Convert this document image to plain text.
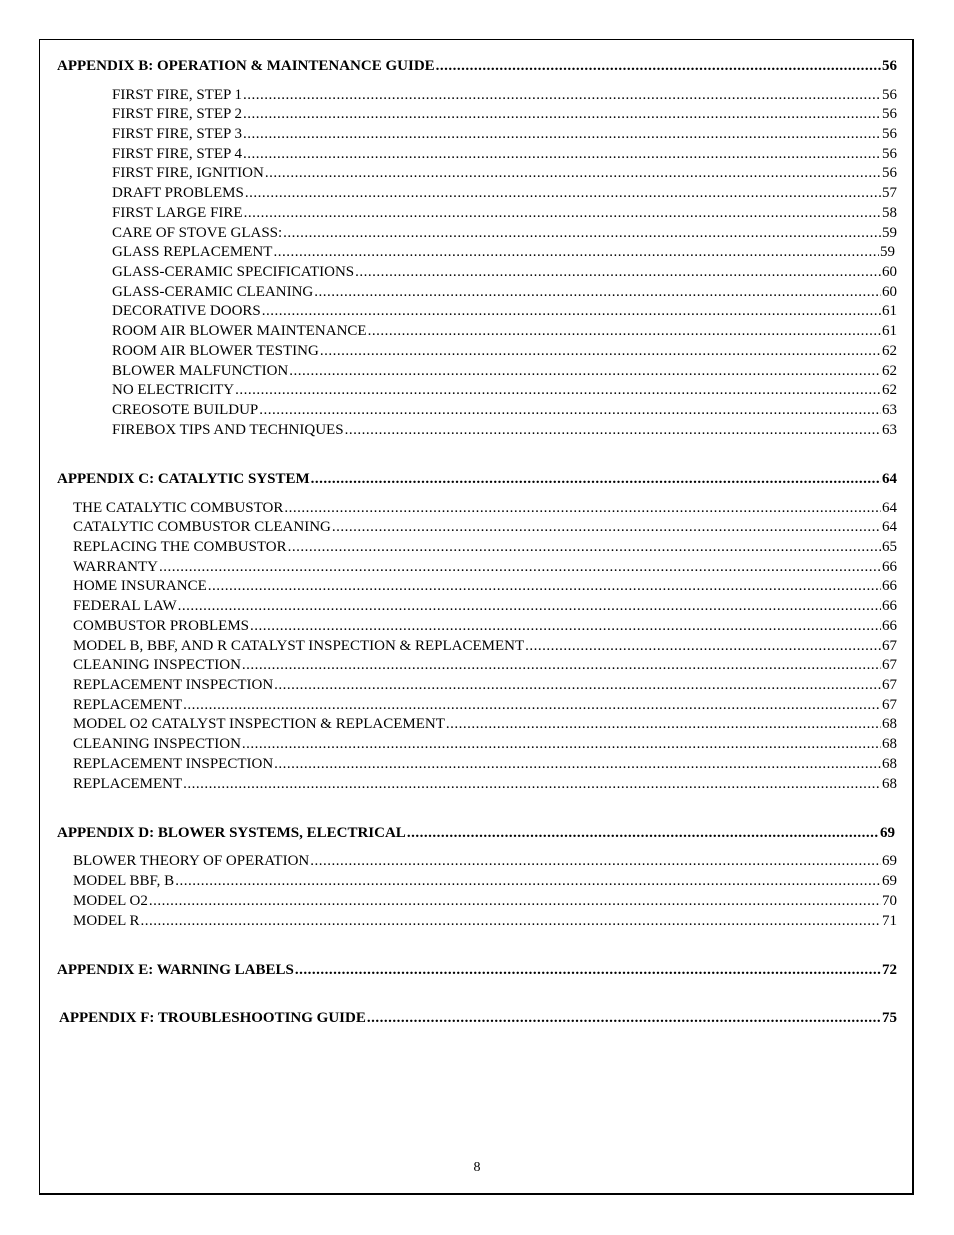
APPENDIX B: OPERATION & MAINTENANCE GUIDE .....	56
FIRST FIRE, STEP 1 .....	56
FIRST FIRE, STEP 2 .....	56
FIRST FIRE, STEP 3 .....	56
FIRST FIRE, STEP 4 .....	56
FIRST FIRE, IGNITION .....	56
DRAFT PROBLEMS .....	57
FIRST LARGE FIRE .....	58
CARE OF STOVE GLASS: .....	59
GLASS REPLACEMENT .....	59
GLASS-CERAMIC SPECIFICATIONS .....	60
GLASS-CERAMIC CLEANING .....	60
DECORATIVE DOORS .....	61
ROOM AIR BLOWER MAINTENANCE .....	61
ROOM AIR BLOWER TESTING .....	62
BLOWER MALFUNCTION .....	62
NO ELECTRICITY .....	62
CREOSOTE BUILDUP .....	63
FIREBOX TIPS AND TECHNIQUES .....	63
APPENDIX C: CATALYTIC SYSTEM .....	64
THE CATALYTIC COMBUSTOR .....	64
CATALYTIC COMBUSTOR CLEANING .....	64
REPLACING THE COMBUSTOR .....	65
WARRANTY .....	66
HOME INSURANCE .....	66
FEDERAL LAW .....	66
COMBUSTOR PROBLEMS .....	66
MODEL B, BBF, AND R CATALYST INSPECTION & REPLACEMENT .....	67
CLEANING INSPECTION .....	67
REPLACEMENT INSPECTION .....	67
REPLACEMENT .....	67
MODEL O2 CATALYST INSPECTION & REPLACEMENT .....	68
CLEANING INSPECTION .....	68
REPLACEMENT INSPECTION .....	68
REPLACEMENT .....	68
APPENDIX D: BLOWER SYSTEMS, ELECTRICAL .....	69
BLOWER THEORY OF OPERATION .....	69
MODEL BBF, B .....	69
MODEL O2 .....	70
MODEL R .....	71
APPENDIX E: WARNING LABELS .....	72
APPENDIX F: TROUBLESHOOTING GUIDE .....	75
8
